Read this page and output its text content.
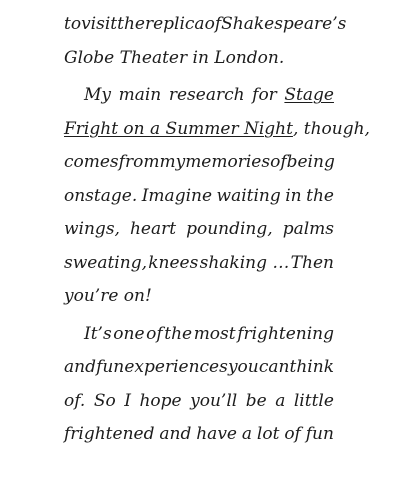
to visit the replica of Shakespeare’s
Globe Theater in London.
My main research for Stage
Fright on a Summer Night, though,
comes from my memories of being
onstage. Imagine waiting in the
wings, heart pounding, palms
sweating, knees shaking … Then
you’re on!
It’s one of the most frightening
and fun experiences you can think
of. So I hope you’ll be a little
frightened and have a lot of fun
